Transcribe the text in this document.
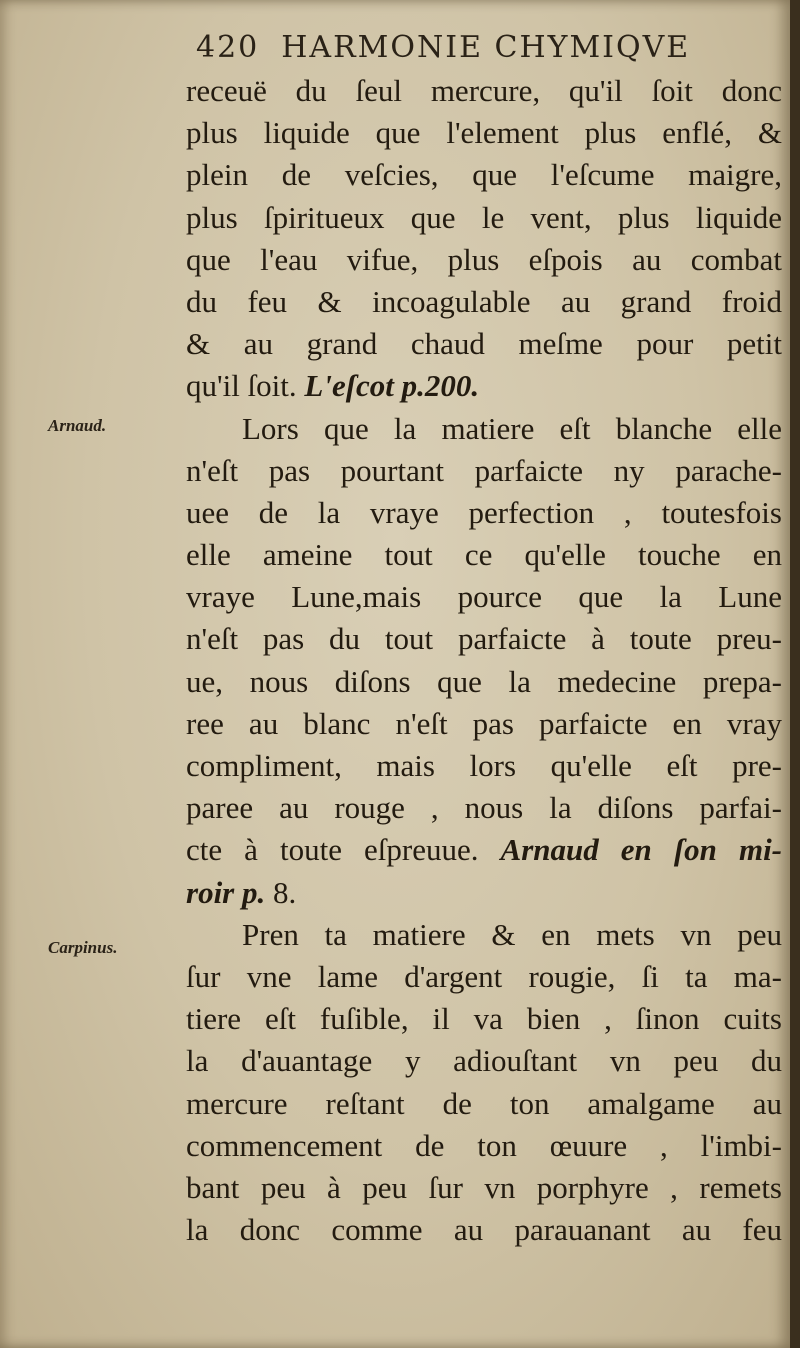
420 HARMONIE CHYMIQVE
Arnaud.
Carpinus.
receuë du ſeul mercure, qu'il ſoit donc
plus liquide que l'element plus enflé, &
plein de veſcies, que l'eſcume maigre,
plus ſpiritueux que le vent, plus liquide
que l'eau vifue, plus eſpois au combat
du feu & incoagulable au grand froid
& au grand chaud meſme pour petit
qu'il ſoit. L'eſcot p.200.
Lors que la matiere eſt blanche elle
n'eſt pas pourtant parfaicte ny parache-
uee de la vraye perfection , toutesfois
elle ameine tout ce qu'elle touche en
vraye Lune,mais pource que la Lune
n'eſt pas du tout parfaicte à toute preu-
ue, nous diſons que la medecine prepa-
ree au blanc n'eſt pas parfaicte en vray
compliment, mais lors qu'elle eſt pre-
paree au rouge , nous la diſons parfai-
cte à toute eſpreuue. Arnaud en ſon mi-
roir p. 8.
Pren ta matiere & en mets vn peu
ſur vne lame d'argent rougie, ſi ta ma-
tiere eſt fuſible, il va bien , ſinon cuits
la d'auantage y adiouſtant vn peu du
mercure reſtant de ton amalgame au
commencement de ton œuure , l'imbi-
bant peu à peu ſur vn porphyre , remets
la donc comme au parauanant au feu
